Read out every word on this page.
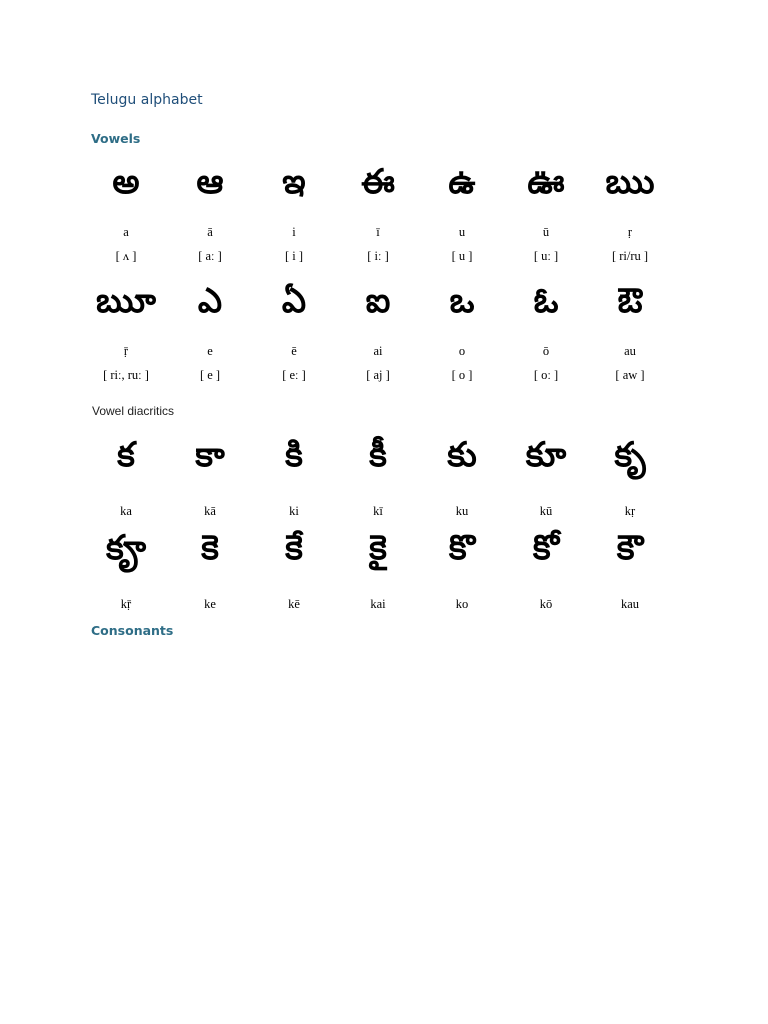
Telugu alphabet
Vowels
అ
a
[ ʌ ]
ఆ
ā
[ aː ]
ఇ
i
[ i ]
ఈ
ī
[ iː ]
ఉ
u
[ u ]
ఊ
ū
[ uː ]
ఋ
ṛ
[ ri/ru ]
ౠ
ṝ
[ riː, ruː ]
ఎ
e
[ e ]
ఏ
ē
[ eː ]
ఐ
ai
[ aj ]
ఒ
o
[ o ]
ఓ
ō
[ oː ]
ఔ
au
[ aw ]
Vowel diacritics
క
ka
క
kā
క
ki
క
kī
క
ku
క
kū
క
kṛ
క
kṝ
క
ke
క
kē
క
kai
క
ko
క
kō
క
kau
Consonants
